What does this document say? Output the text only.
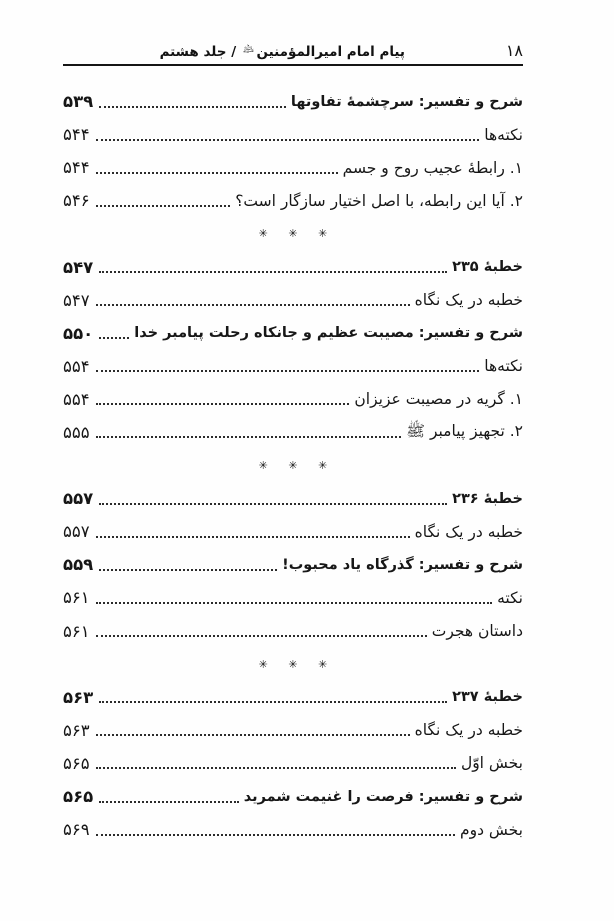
پیام امام امیرالمؤمنین﵇ / جلد هشتم	۱۸
شرح و تفسیر: سرچشمۀ تفاوتها
۵۳۹
نکته‌ها
۵۴۴
۱. رابطۀ عجیب روح و جسم
۵۴۴
۲. آیا این رابطه، با اصل اختیار سازگار است؟
۵۴۶
✳ ✳ ✳
خطبۀ ۲۳۵
۵۴۷
خطبه در یک نگاه
۵۴۷
شرح و تفسیر: مصیبت عظیم و جانکاه رحلت پیامبر خدا
۵۵۰
نکته‌ها
۵۵۴
۱. گریه در مصیبت عزیزان
۵۵۴
۲. تجهیز پیامبر ﷺ
۵۵۵
✳ ✳ ✳
خطبۀ ۲۳۶
۵۵۷
خطبه در یک نگاه
۵۵۷
شرح و تفسیر: گذرگاه یاد محبوب!
۵۵۹
نکته
۵۶۱
داستان هجرت
۵۶۱
✳ ✳ ✳
خطبۀ ۲۳۷
۵۶۳
خطبه در یک نگاه
۵۶۳
بخش اوّل
۵۶۵
شرح و تفسیر: فرصت را غنیمت شمرید
۵۶۵
بخش دوم
۵۶۹
